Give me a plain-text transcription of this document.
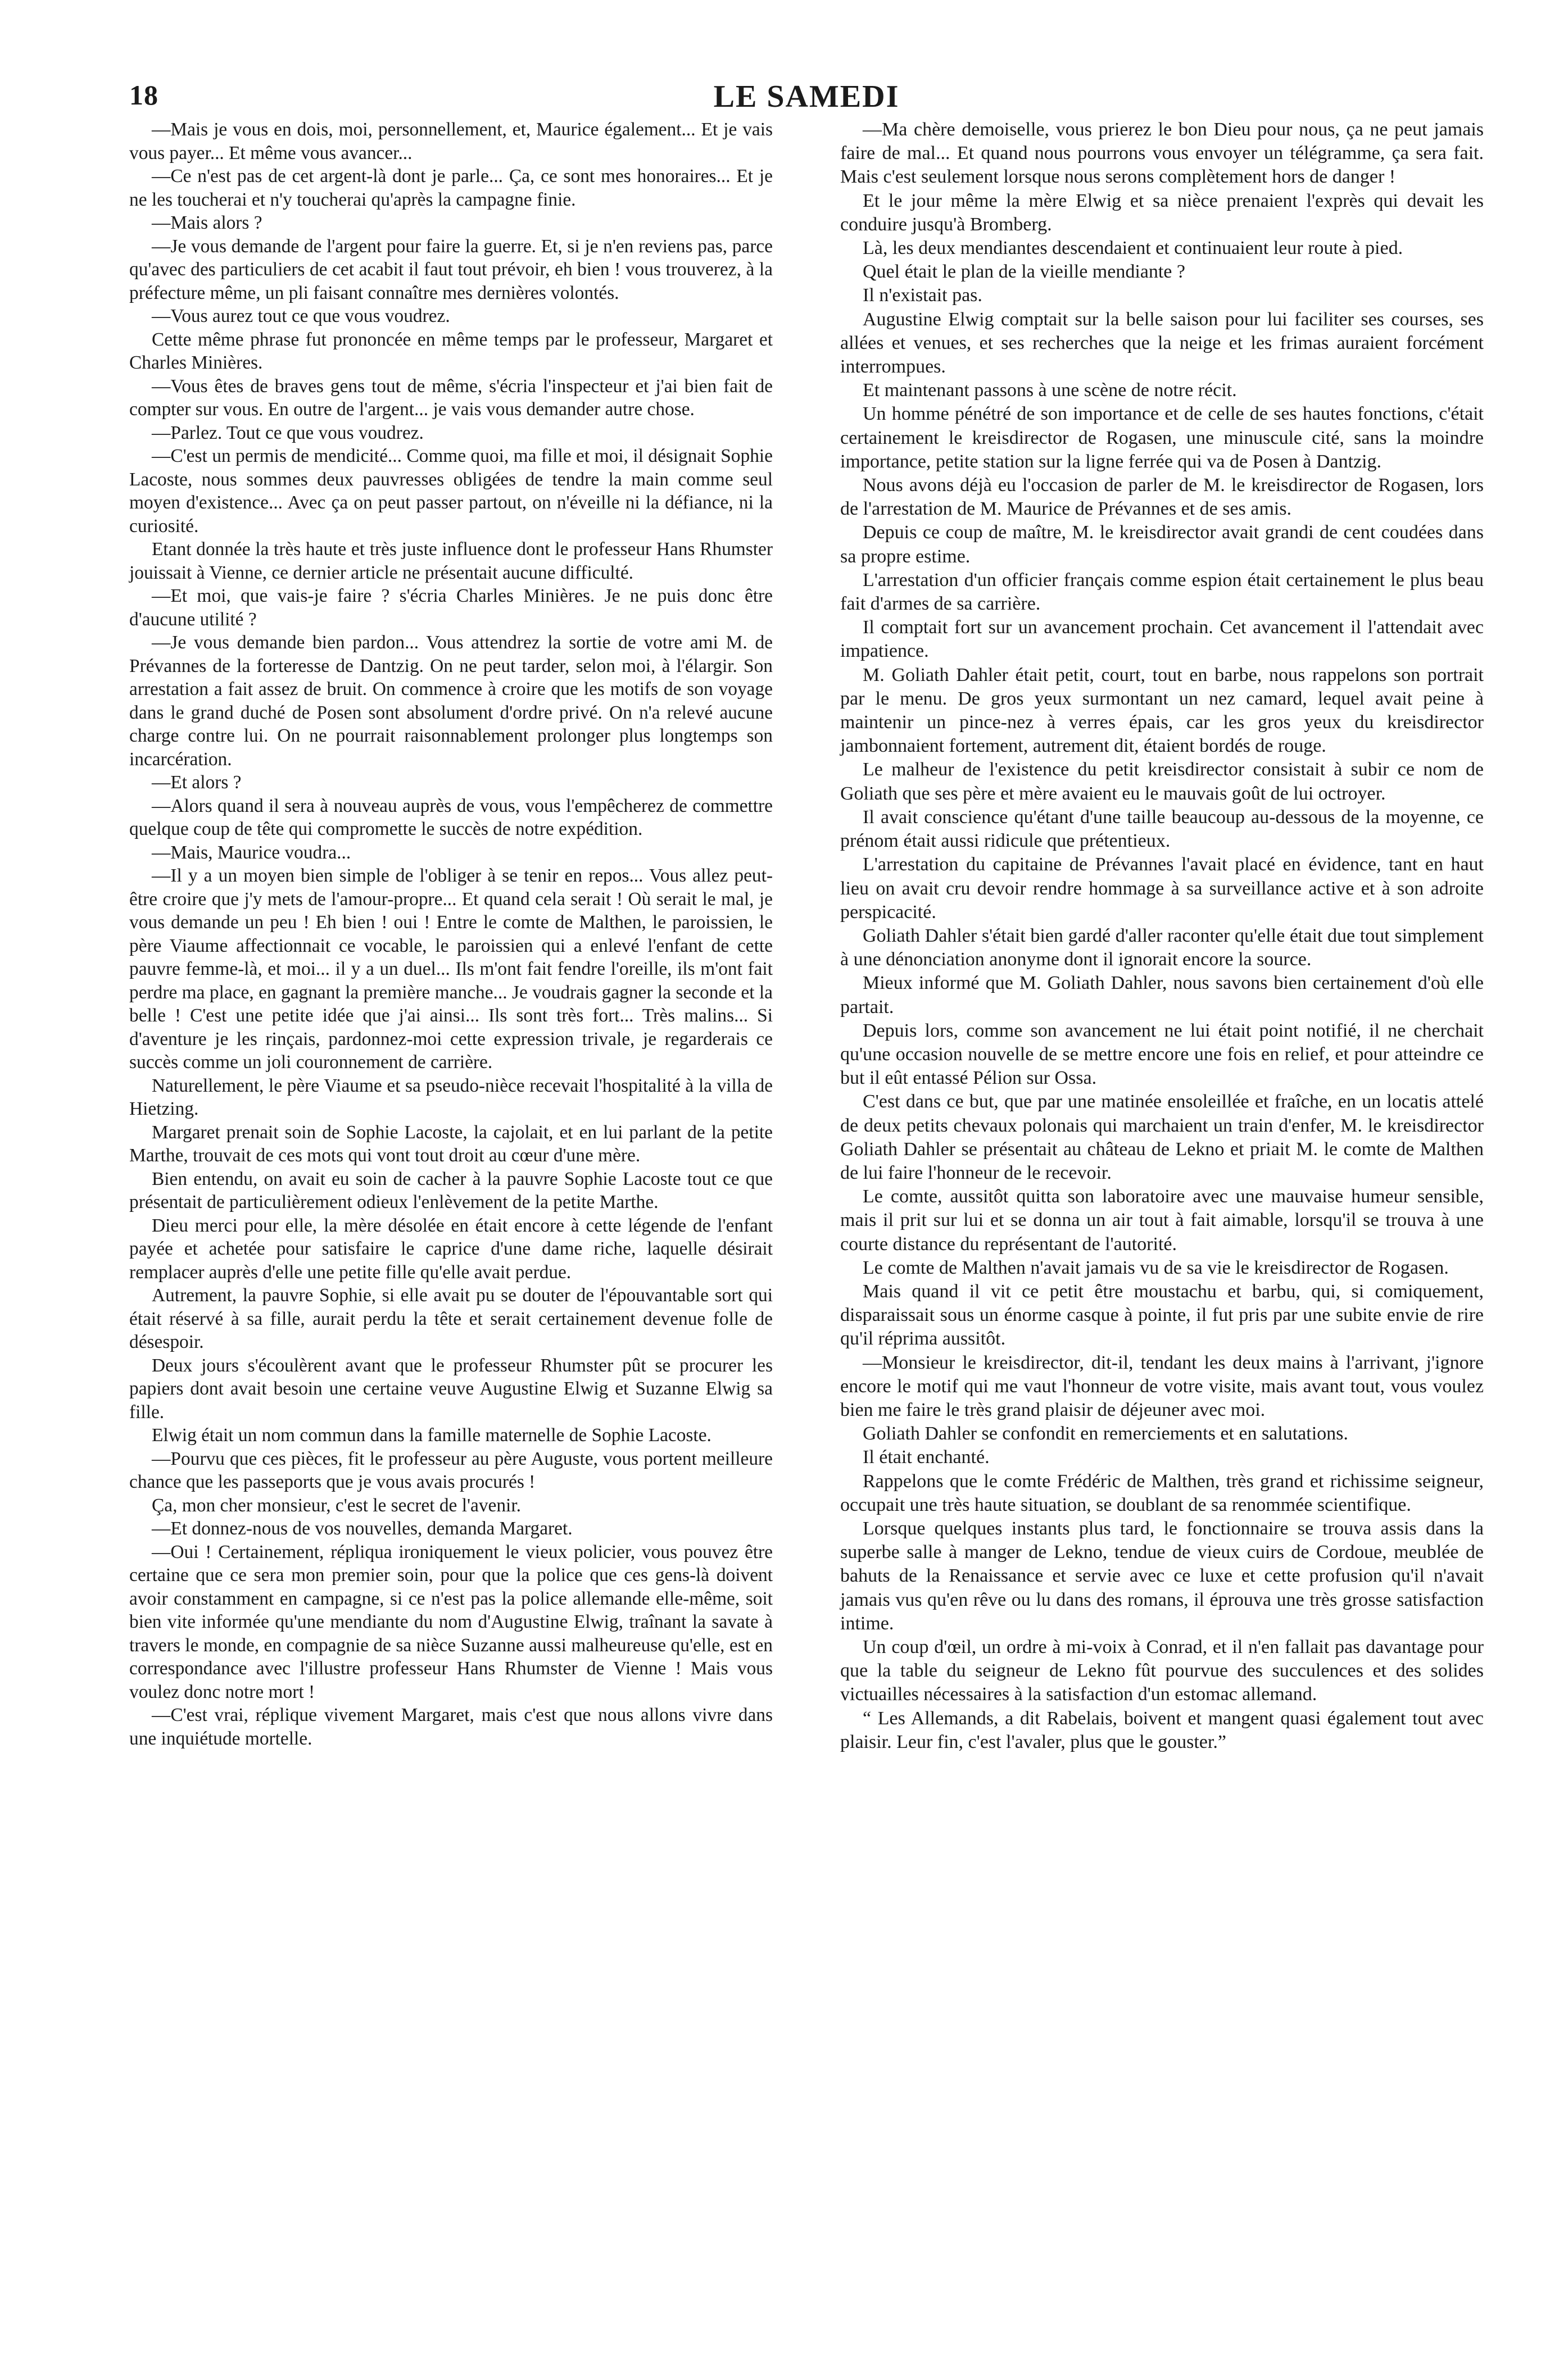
18	LE SAMEDI

—Mais je vous en dois, moi, personnellement, et, Maurice également... Et je vais vous payer... Et même vous avancer...

—Ce n'est pas de cet argent-là dont je parle... Ça, ce sont mes honoraires... Et je ne les toucherai et n'y toucherai qu'après la campagne finie.

—Mais alors ?

—Je vous demande de l'argent pour faire la guerre. Et, si je n'en reviens pas, parce qu'avec des particuliers de cet acabit il faut tout prévoir, eh bien ! vous trouverez, à la préfecture même, un pli faisant connaître mes dernières volontés.

—Vous aurez tout ce que vous voudrez.

Cette même phrase fut prononcée en même temps par le professeur, Margaret et Charles Minières.

—Vous êtes de braves gens tout de même, s'écria l'inspecteur et j'ai bien fait de compter sur vous. En outre de l'argent... je vais vous demander autre chose.

—Parlez. Tout ce que vous voudrez.

—C'est un permis de mendicité... Comme quoi, ma fille et moi, il désignait Sophie Lacoste, nous sommes deux pauvresses obligées de tendre la main comme seul moyen d'existence... Avec ça on peut passer partout, on n'éveille ni la défiance, ni la curiosité.

Etant donnée la très haute et très juste influence dont le professeur Hans Rhumster jouissait à Vienne, ce dernier article ne présentait aucune difficulté.

—Et moi, que vais-je faire ? s'écria Charles Minières. Je ne puis donc être d'aucune utilité ?

—Je vous demande bien pardon... Vous attendrez la sortie de votre ami M. de Prévannes de la forteresse de Dantzig. On ne peut tarder, selon moi, à l'élargir. Son arrestation a fait assez de bruit. On commence à croire que les motifs de son voyage dans le grand duché de Posen sont absolument d'ordre privé. On n'a relevé aucune charge contre lui. On ne pourrait raisonnablement prolonger plus longtemps son incarcération.

—Et alors ?

—Alors quand il sera à nouveau auprès de vous, vous l'empêcherez de commettre quelque coup de tête qui compromette le succès de notre expédition.

—Mais, Maurice voudra...

—Il y a un moyen bien simple de l'obliger à se tenir en repos... Vous allez peut-être croire que j'y mets de l'amour-propre... Et quand cela serait ! Où serait le mal, je vous demande un peu ! Eh bien ! oui ! Entre le comte de Malthen, le paroissien, le père Viaume affectionnait ce vocable, le paroissien qui a enlevé l'enfant de cette pauvre femme-là, et moi... il y a un duel... Ils m'ont fait fendre l'oreille, ils m'ont fait perdre ma place, en gagnant la première manche... Je voudrais gagner la seconde et la belle ! C'est une petite idée que j'ai ainsi... Ils sont très fort... Très malins... Si d'aventure je les rinçais, pardonnez-moi cette expression trivale, je regarderais ce succès comme un joli couronnement de carrière.

Naturellement, le père Viaume et sa pseudo-nièce recevait l'hospitalité à la villa de Hietzing.

Margaret prenait soin de Sophie Lacoste, la cajolait, et en lui parlant de la petite Marthe, trouvait de ces mots qui vont tout droit au cœur d'une mère.

Bien entendu, on avait eu soin de cacher à la pauvre Sophie Lacoste tout ce que présentait de particulièrement odieux l'enlèvement de la petite Marthe.

Dieu merci pour elle, la mère désolée en était encore à cette légende de l'enfant payée et achetée pour satisfaire le caprice d'une dame riche, laquelle désirait remplacer auprès d'elle une petite fille qu'elle avait perdue.

Autrement, la pauvre Sophie, si elle avait pu se douter de l'épouvantable sort qui était réservé à sa fille, aurait perdu la tête et serait certainement devenue folle de désespoir.

Deux jours s'écoulèrent avant que le professeur Rhumster pût se procurer les papiers dont avait besoin une certaine veuve Augustine Elwig et Suzanne Elwig sa fille.

Elwig était un nom commun dans la famille maternelle de Sophie Lacoste.

—Pourvu que ces pièces, fit le professeur au père Auguste, vous portent meilleure chance que les passeports que je vous avais procurés !

Ça, mon cher monsieur, c'est le secret de l'avenir.

—Et donnez-nous de vos nouvelles, demanda Margaret.

—Oui ! Certainement, répliqua ironiquement le vieux policier, vous pouvez être certaine que ce sera mon premier soin, pour que la police que ces gens-là doivent avoir constamment en campagne, si ce n'est pas la police allemande elle-même, soit bien vite informée qu'une mendiante du nom d'Augustine Elwig, traînant la savate à travers le monde, en compagnie de sa nièce Suzanne aussi malheureuse qu'elle, est en correspondance avec l'illustre professeur Hans Rhumster de Vienne ! Mais vous voulez donc notre mort !

—C'est vrai, réplique vivement Margaret, mais c'est que nous allons vivre dans une inquiétude mortelle.

—Ma chère demoiselle, vous prierez le bon Dieu pour nous, ça ne peut jamais faire de mal... Et quand nous pourrons vous envoyer un télégramme, ça sera fait. Mais c'est seulement lorsque nous serons complètement hors de danger !

Et le jour même la mère Elwig et sa nièce prenaient l'exprès qui devait les conduire jusqu'à Bromberg.

Là, les deux mendiantes descendaient et continuaient leur route à pied.

Quel était le plan de la vieille mendiante ?

Il n'existait pas.

Augustine Elwig comptait sur la belle saison pour lui faciliter ses courses, ses allées et venues, et ses recherches que la neige et les frimas auraient forcément interrompues.

Et maintenant passons à une scène de notre récit.

Un homme pénétré de son importance et de celle de ses hautes fonctions, c'était certainement le kreisdirector de Rogasen, une minuscule cité, sans la moindre importance, petite station sur la ligne ferrée qui va de Posen à Dantzig.

Nous avons déjà eu l'occasion de parler de M. le kreisdirector de Rogasen, lors de l'arrestation de M. Maurice de Prévannes et de ses amis.

Depuis ce coup de maître, M. le kreisdirector avait grandi de cent coudées dans sa propre estime.

L'arrestation d'un officier français comme espion était certainement le plus beau fait d'armes de sa carrière.

Il comptait fort sur un avancement prochain. Cet avancement il l'attendait avec impatience.

M. Goliath Dahler était petit, court, tout en barbe, nous rappelons son portrait par le menu. De gros yeux surmontant un nez camard, lequel avait peine à maintenir un pince-nez à verres épais, car les gros yeux du kreisdirector jambonnaient fortement, autrement dit, étaient bordés de rouge.

Le malheur de l'existence du petit kreisdirector consistait à subir ce nom de Goliath que ses père et mère avaient eu le mauvais goût de lui octroyer.

Il avait conscience qu'étant d'une taille beaucoup au-dessous de la moyenne, ce prénom était aussi ridicule que prétentieux.

L'arrestation du capitaine de Prévannes l'avait placé en évidence, tant en haut lieu on avait cru devoir rendre hommage à sa surveillance active et à son adroite perspicacité.

Goliath Dahler s'était bien gardé d'aller raconter qu'elle était due tout simplement à une dénonciation anonyme dont il ignorait encore la source.

Mieux informé que M. Goliath Dahler, nous savons bien certainement d'où elle partait.

Depuis lors, comme son avancement ne lui était point notifié, il ne cherchait qu'une occasion nouvelle de se mettre encore une fois en relief, et pour atteindre ce but il eût entassé Pélion sur Ossa.

C'est dans ce but, que par une matinée ensoleillée et fraîche, en un locatis attelé de deux petits chevaux polonais qui marchaient un train d'enfer, M. le kreisdirector Goliath Dahler se présentait au château de Lekno et priait M. le comte de Malthen de lui faire l'honneur de le recevoir.

Le comte, aussitôt quitta son laboratoire avec une mauvaise humeur sensible, mais il prit sur lui et se donna un air tout à fait aimable, lorsqu'il se trouva à une courte distance du représentant de l'autorité.

Le comte de Malthen n'avait jamais vu de sa vie le kreisdirector de Rogasen.

Mais quand il vit ce petit être moustachu et barbu, qui, si comiquement, disparaissait sous un énorme casque à pointe, il fut pris par une subite envie de rire qu'il réprima aussitôt.

—Monsieur le kreisdirector, dit-il, tendant les deux mains à l'arrivant, j'ignore encore le motif qui me vaut l'honneur de votre visite, mais avant tout, vous voulez bien me faire le très grand plaisir de déjeuner avec moi.

Goliath Dahler se confondit en remerciements et en salutations.

Il était enchanté.

Rappelons que le comte Frédéric de Malthen, très grand et richissime seigneur, occupait une très haute situation, se doublant de sa renommée scientifique.

Lorsque quelques instants plus tard, le fonctionnaire se trouva assis dans la superbe salle à manger de Lekno, tendue de vieux cuirs de Cordoue, meublée de bahuts de la Renaissance et servie avec ce luxe et cette profusion qu'il n'avait jamais vus qu'en rêve ou lu dans des romans, il éprouva une très grosse satisfaction intime.

Un coup d'œil, un ordre à mi-voix à Conrad, et il n'en fallait pas davantage pour que la table du seigneur de Lekno fût pourvue des succulences et des solides victuailles nécessaires à la satisfaction d'un estomac allemand.

“ Les Allemands, a dit Rabelais, boivent et mangent quasi également tout avec plaisir. Leur fin, c'est l'avaler, plus que le gouster.”
